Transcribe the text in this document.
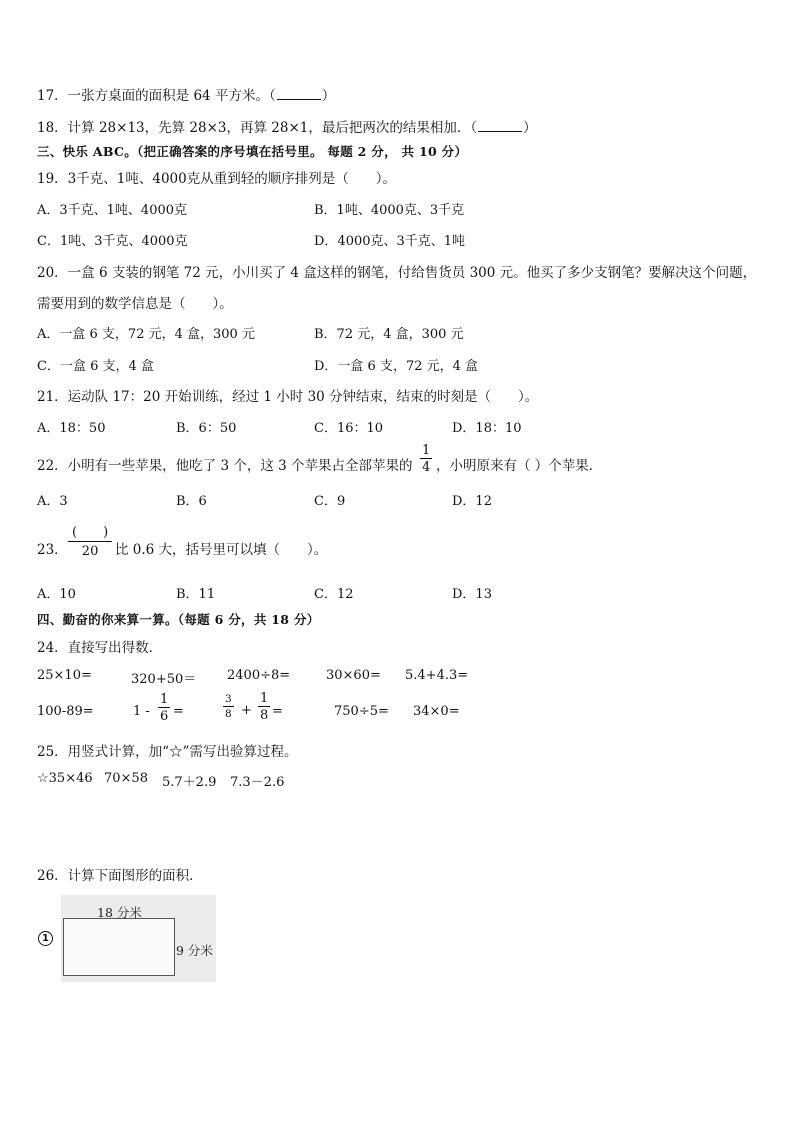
17．一张方桌面的面积是 64 平方米。（	）
18．计算 28×13，先算 28×3，再算 28×1，最后把两次的结果相加．（	）
三、快乐 ABC。（把正确答案的序号填在括号里。 每题 2 分， 共 10 分）
19．3千克、1吨、4000克从重到轻的顺序排列是（　　）。
A．3千克、1吨、4000克	B．1吨、4000克、3千克
C．1吨、3千克、4000克	D．4000克、3千克、1吨
20．一盒 6 支装的钢笔 72 元，小川买了 4 盒这样的钢笔，付给售货员 300 元。他买了多少支钢笔？要解决这个问题，
需要用到的数学信息是（　　）。
A．一盒 6 支，72 元，4 盒，300 元	B．72 元，4 盒，300 元
C．一盒 6 支，4 盒	D．一盒 6 支，72 元，4 盒
21．运动队 17：20 开始训练，经过 1 小时 30 分钟结束，结束的时刻是（　　）。
A．18：50	B．6：50	C．16：10	D．18：10
22．小明有一些苹果，他吃了 3 个，这 3 个苹果占全部苹果的 $\frac{1}{4}$ ，小明原来有（ ）个苹果．
A．3	B．6	C．9	D．12
23．
(　　)
20	比 0.6 大，括号里可以填（　　）。
A．10	B．11	C．12	D．13
四、勤奋的你来算一算。（每题 6 分，共 18 分）
24．直接写出得数．
25×10=	320+50＝ 2400÷8=	30×60= 5.4+4.3=
100-89=	$1 - \frac{1}{6}$ =	$\frac{3}{8} + \frac{1}{8}$ =	750÷5= 34×0=
25．用竖式计算，加“☆”需写出验算过程。
☆35×46 70×58 5.7＋2.9 7.3－2.6
26．计算下面图形的面积．
1
18 分米
9 分米
